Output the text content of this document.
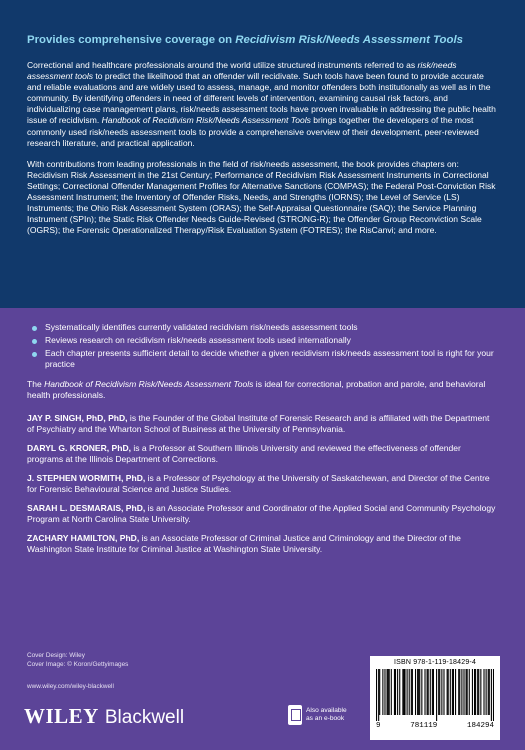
Provides comprehensive coverage on Recidivism Risk/Needs Assessment Tools

Correctional and healthcare professionals around the world utilize structured instruments referred to as risk/needs assessment tools to predict the likelihood that an offender will recidivate. Such tools have been found to provide accurate and reliable evaluations and are widely used to assess, manage, and monitor offenders both institutionally as well as in the community. By identifying offenders in need of different levels of intervention, examining causal risk factors, and individualizing case management plans, risk/needs assessment tools have proven invaluable in addressing the public health issue of recidivism. Handbook of Recidivism Risk/Needs Assessment Tools brings together the developers of the most commonly used risk/needs assessment tools to provide a comprehensive overview of their development, peer-reviewed research literature, and practical application.

With contributions from leading professionals in the field of risk/needs assessment, the book provides chapters on: Recidivism Risk Assessment in the 21st Century; Performance of Recidivism Risk Assessment Instruments in Correctional Settings; Correctional Offender Management Profiles for Alternative Sanctions (COMPAS); the Federal Post-Conviction Risk Assessment Instrument; the Inventory of Offender Risks, Needs, and Strengths (IORNS); the Level of Service (LS) Instruments; the Ohio Risk Assessment System (ORAS); the Self-Appraisal Questionnaire (SAQ); the Service Planning Instrument (SPIn); the Static Risk Offender Needs Guide-Revised (STRONG-R); the Offender Group Reconviction Scale (OGRS); the Forensic Operationalized Therapy/Risk Evaluation System (FOTRES); the RisCanvi; and more.

Systematically identifies currently validated recidivism risk/needs assessment tools
Reviews research on recidivism risk/needs assessment tools used internationally
Each chapter presents sufficient detail to decide whether a given recidivism risk/needs assessment tool is right for your practice

The Handbook of Recidivism Risk/Needs Assessment Tools is ideal for correctional, probation and parole, and behavioral health professionals.

JAY P. SINGH, PhD, PhD, is the Founder of the Global Institute of Forensic Research and is affiliated with the Department of Psychiatry and the Wharton School of Business at the University of Pennsylvania.

DARYL G. KRONER, PhD, is a Professor at Southern Illinois University and reviewed the effectiveness of offender programs at the Illinois Department of Corrections.

J. STEPHEN WORMITH, PhD, is a Professor of Psychology at the University of Saskatchewan, and Director of the Centre for Forensic Behavioural Science and Justice Studies.

SARAH L. DESMARAIS, PhD, is an Associate Professor and Coordinator of the Applied Social and Community Psychology Program at North Carolina State University.

ZACHARY HAMILTON, PhD, is an Associate Professor of Criminal Justice and Criminology and the Director of the Washington State Institute for Criminal Justice at Washington State University.

Cover Design: Wiley
Cover Image: © Koron/Gettyimages
www.wiley.com/wiley-blackwell
WILEY Blackwell	Also available
as an e-book
ISBN 978-1-119-18429-4
9	781119	184294
